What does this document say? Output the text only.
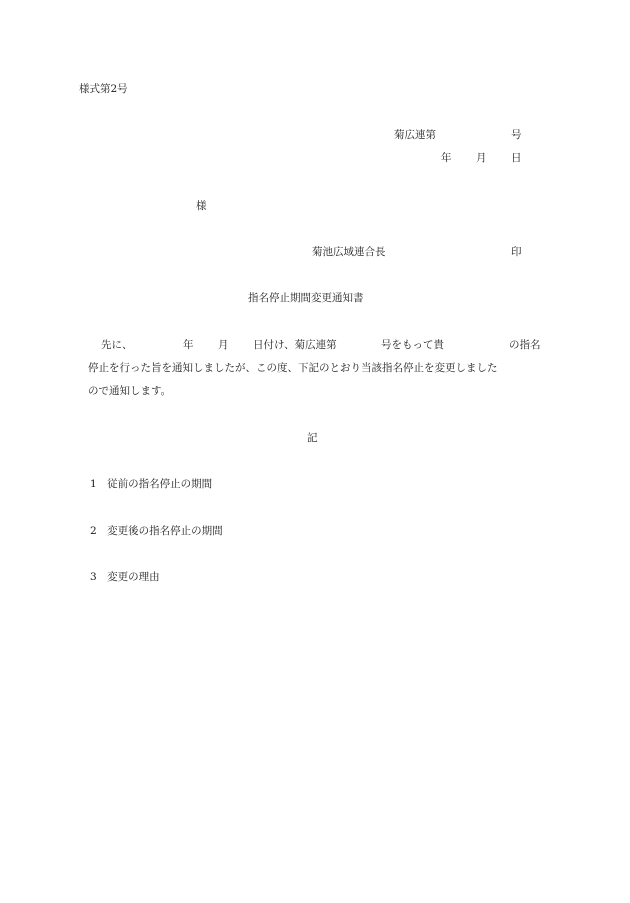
様式第2号
菊広連第	号
年 月 日
様
菊池広域連合長	印
指名停止期間変更通知書
先に、	年 月 日付け、菊広連第	号をもって貴	の指名
停止を行った旨を通知しましたが、この度、下記のとおり当該指名停止を変更しました
ので通知します。
記
1　従前の指名停止の期間
2　変更後の指名停止の期間
3　変更の理由
